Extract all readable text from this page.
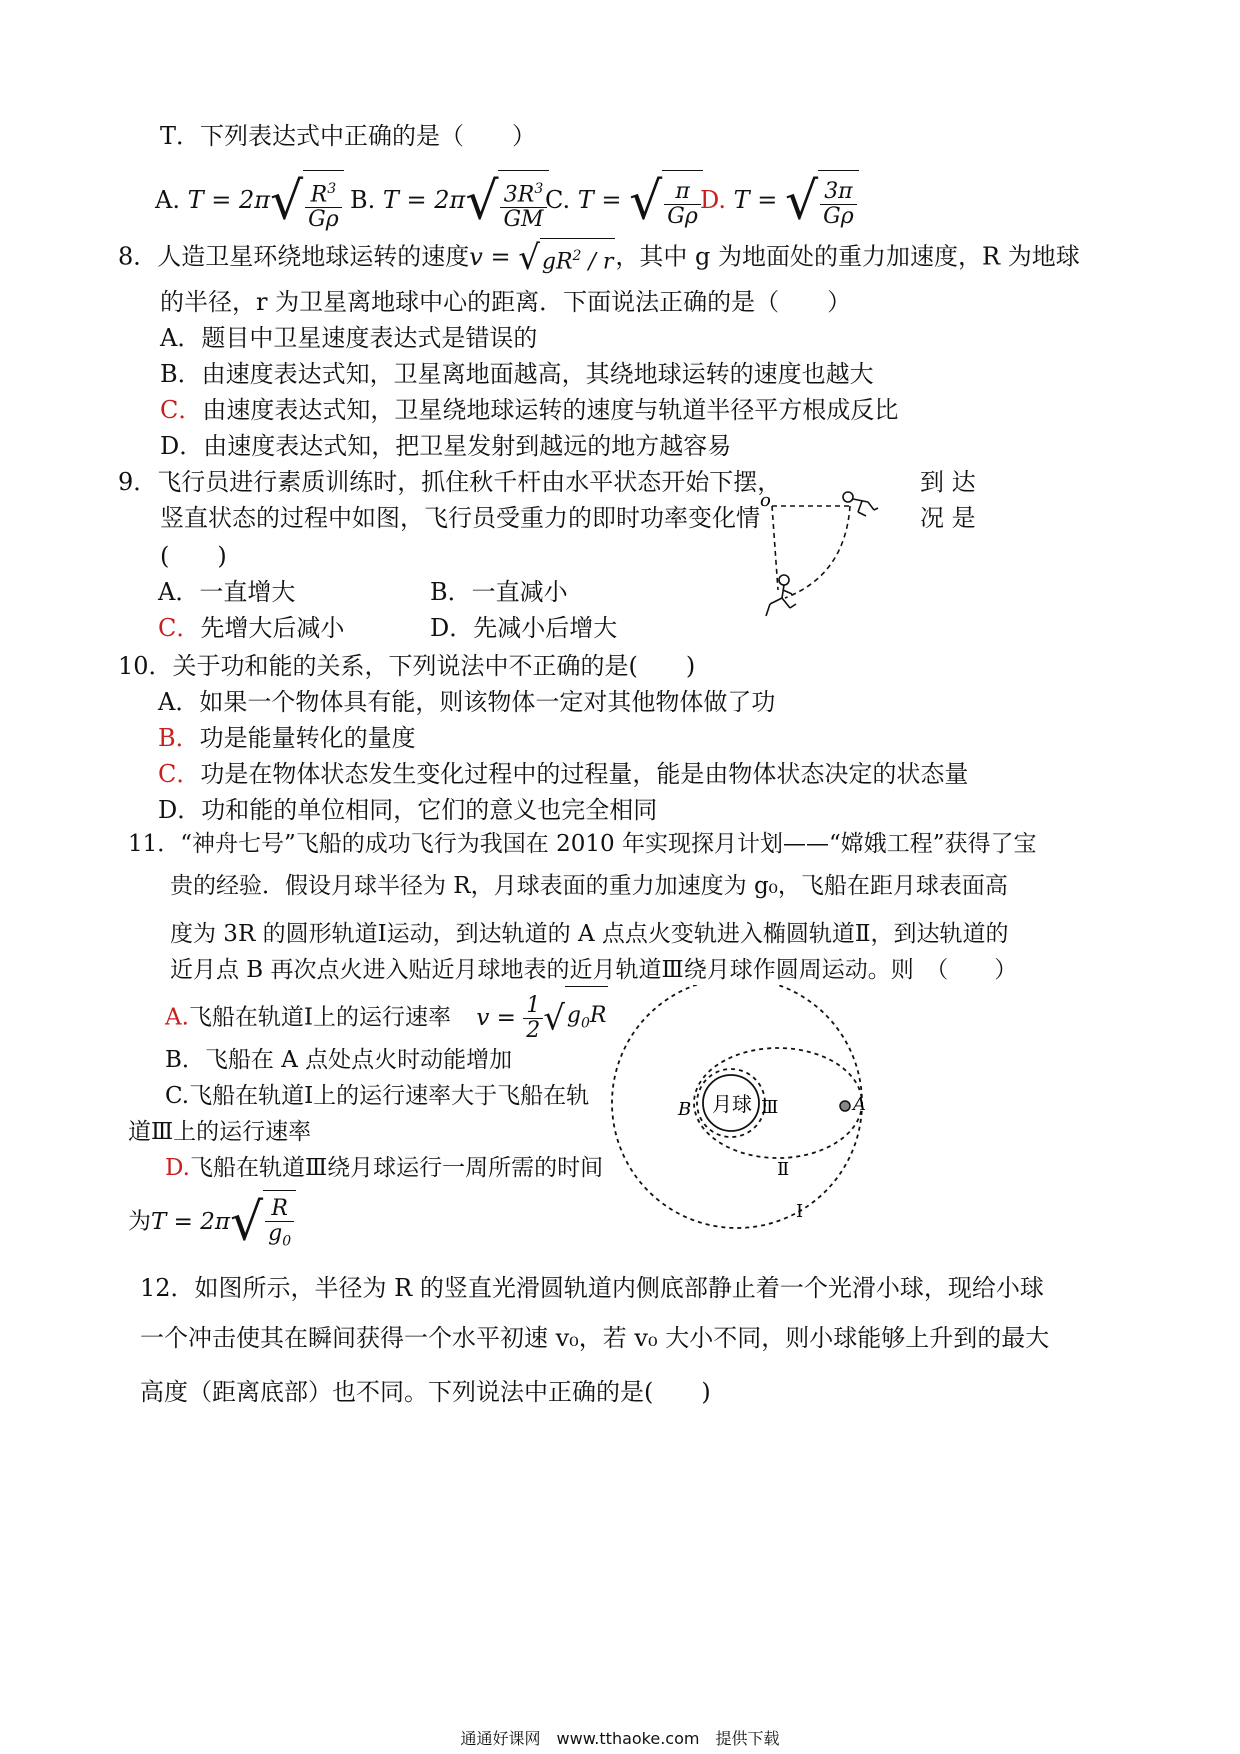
T．下列表达式中正确的是（　　）
A. $T = 2\pi√ \frac{R^3}{G\rho} B$. $T = 2\pi√ \frac{3R^3}{GM}$
C. T = √ $\frac{\pi}{G\rho} D$. T = √ $\frac{3\pi}{G\rho}$
8．人造卫星环绕地球运转的速度$v = √gR^2 / r$，其中 g 为地面处的重力加速度，R 为地球
的半径，r 为卫星离地球中心的距离．下面说法正确的是（　　）
A．题目中卫星速度表达式是错误的
B．由速度表达式知，卫星离地面越高，其绕地球运转的速度也越大
C．由速度表达式知，卫星绕地球运转的速度与轨道半径平方根成反比
D．由速度表达式知，把卫星发射到越远的地方越容易
9．飞行员进行素质训练时，抓住秋千杆由水平状态开始下摆，	到 达
竖直状态的过程中如图，飞行员受重力的即时功率变化情	况 是
(　　)
A．一直增大	B．一直减小
C．先增大后减小	D．先减小后增大
o
10．关于功和能的关系，下列说法中不正确的是(　　)
A．如果一个物体具有能，则该物体一定对其他物体做了功
B．功是能量转化的量度
C．功是在物体状态发生变化过程中的过程量，能是由物体状态决定的状态量
D．功和能的单位相同，它们的意义也完全相同
11．“神舟七号”飞船的成功飞行为我国在 2010 年实现探月计划——“嫦娥工程”获得了宝
贵的经验．假设月球半径为 R，月球表面的重力加速度为 g₀，飞船在距月球表面高
度为 3R 的圆形轨道Ⅰ运动，到达轨道的 A 点点火变轨进入椭圆轨道Ⅱ，到达轨道的
近月点 B 再次点火进入贴近月球地表的近月轨道Ⅲ绕月球作圆周运动。则　（　　）
A.飞船在轨道Ⅰ上的运行速率 $v = \frac{1}{2} √g_0R$
B．飞船在 A 点处点火时动能增加
C.飞船在轨道Ⅰ上的运行速率大于飞船在轨
道Ⅲ上的运行速率
D.飞船在轨道Ⅲ绕月球运行一周所需的时间
为$T = 2\pi√ \frac{R}{g_0}$
月球
B	A
Ⅲ
Ⅱ
Ⅰ
12．如图所示，半径为 R 的竖直光滑圆轨道内侧底部静止着一个光滑小球，现给小球
一个冲击使其在瞬间获得一个水平初速 v₀，若 v₀ 大小不同，则小球能够上升到的最大
高度（距离底部）也不同。下列说法中正确的是(　　)
通通好课网　www.tthaoke.com　提供下载
